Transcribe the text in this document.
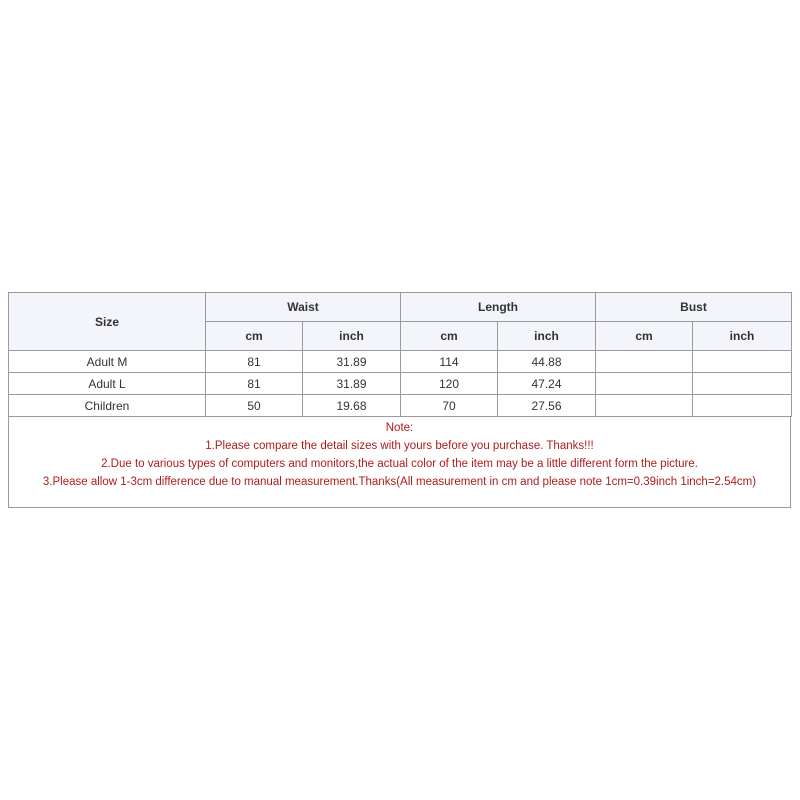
Size	Waist		Length		Bust	
	cm	inch	cm	inch	cm	inch
Adult M	81	31.89	114	44.88		
Adult L	81	31.89	120	47.24		
Children	50	19.68	70	27.56		
Note:
1.Please compare the detail sizes with yours before you purchase. Thanks!!!
2.Due to various types of computers and monitors,the actual color of the item may be a little different form the picture.
3.Please allow 1-3cm difference due to manual measurement.Thanks(All measurement in cm and please note 1cm=0.39inch 1inch=2.54cm)
